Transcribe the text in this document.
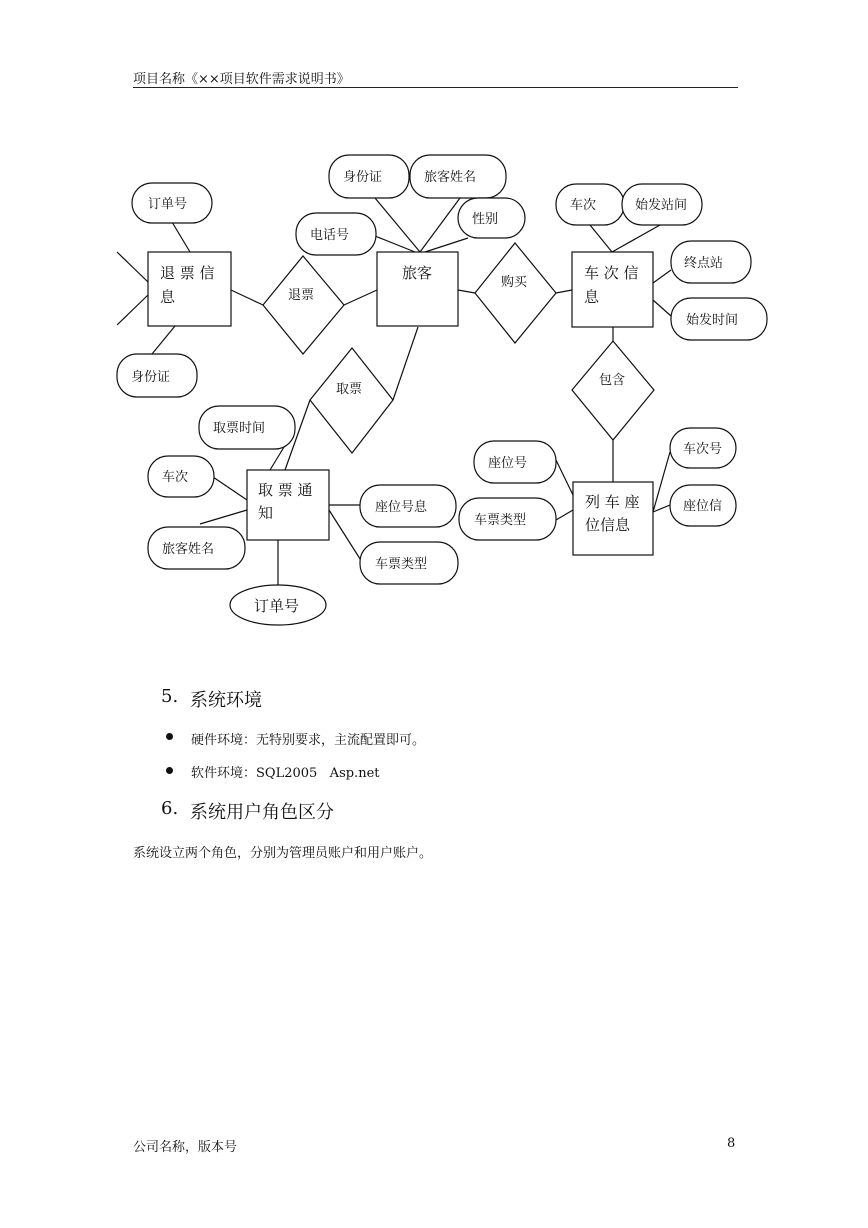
项目名称《××项目软件需求说明书》
退 票 信
息
旅客	车 次 信
息
取 票 通
知
列 车 座
位信息
退票
购买
取票
包含
订单号
身份证
身份证	旅客姓名
电话号
性别
车次	始发站间
终点站
始发时间
车次号
座位号
车票类型
座位信
取票时间
车次
旅客姓名
座位号息
车票类型
订单号
5. 系统环境
硬件环境：无特别要求，主流配置即可。
软件环境：SQL2005   Asp.net
6. 系统用户角色区分
系统设立两个角色，分别为管理员账户和用户账户。
公司名称，版本号	8
